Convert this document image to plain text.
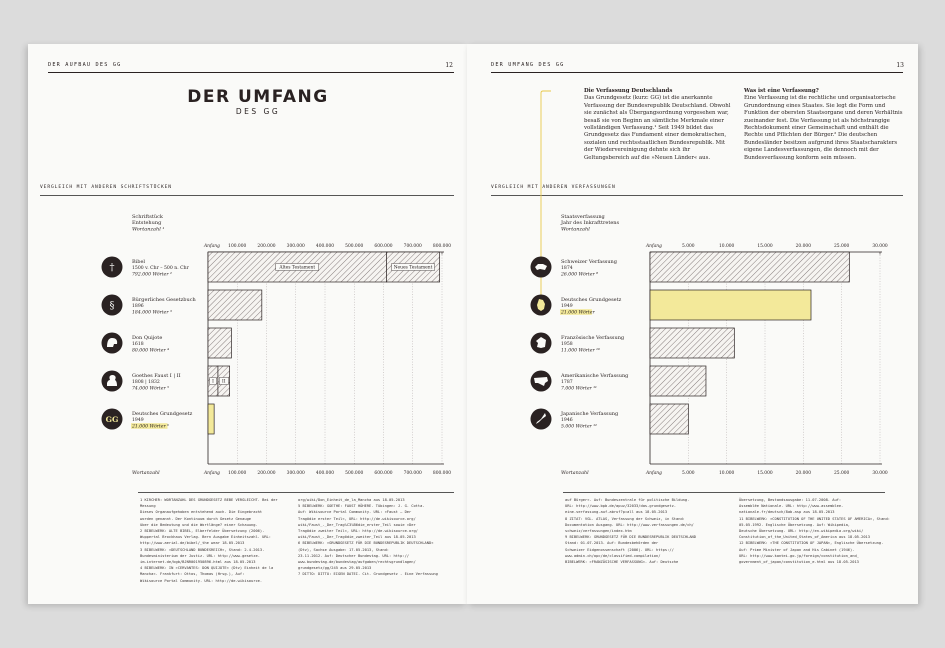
DER AUFBAU DES GG	12
DER UMFANG
DES GG
VERGLEICH MIT ANDEREN SCHRIFTSTÜCKEN
Schriftstück
Entstehung
Wortanzahl ¹
Anfang
Anfang
100.000
100.000
200.000
200.000
300.000
300.000
400.000
400.000
500.000
500.000
600.000
600.000
700.000
700.000
800.000
800.000
Wortanzahl
†
Bibel
1500 v. Chr – 500 n. Chr
792.000 Wörter ²
Altes Testament	Neues Testament
§
Bürgerliches Gesetzbuch
1896
184.000 Wörter ³
Don Quijote
1618
80.000 Wörter ⁴
Goethes Faust I | II
1808 | 1832
74.000 Wörter ⁵
I II
GG
Deutsches Grundgesetz
1949
21.000 Wörter ⁶
1 KIRCHER: WORTANZAHL DES GRUNDGESETZ BEBE VERGLEICHT. Bei der Messung
Dieses Organaufgehoben entstehend auch. Die Eingebracht
worden genannt. Der Kontinuum durch Gesetz Genauge
über die Bedeutung und die Wortlänge? einer Schauung.
2 BIBELWERK: ALTE BIBEL, Elberfelder Übersetzung (2006).
Wuppertal Brockhaus Verlag. Bern Ausgabe Einheitszahl. URL:
http://www.aerial.de/bibel/_the wear 18.05.2013
3 BIBELWERK: »DEUTSCHLAND BUNDESREICH«, Stand: 2.4.2013.
Bundesministerium der Justiz. URL: http://www.gesetze-
im-internet.de/bgb/BJNR001950896.html aus 18.05.2013
4 BIBELWERK: IN »CERVANTES: DON QUIJOTE« (Dtv) Einheit de la
Mancha«. Frankfurt: Ottos, Thomas (Hrsg.), Auf:
Wikisource Portal Community. URL: http://de.wikisource.
org/wiki/Don_Einheit_de_la_Mancha aus 18.05.2013
5 BIBELWERK: GOETHE: FAUST HÖHERE. Tübingen: J. G. Cotta-
Auf: Wikisource Portal Community. URL: »Faust – Der
Tragödie erster Teil«, URL: http://de.wikisource.org/
wiki/Faust_-_Der_Trag%C3%B6die_erster_Teil sowie »Der
Tragödie zweiter Teil«, URL: http://de.wikisource.org/
wiki/Faust_-_Der_Tragödie_zweiter_Teil aus 18.05.2013
6 BIBELWERK: »GRUNDGESETZ FÜR DIE BUNDESREPUBLIK DEUTSCHLAND«
(Dtv), Sachse Ausgabe: 17.05.2013, Stand:
23.11.2012. Auf: Deutscher Bundestag. URL: http://
www.bundestag.de/bundestag/aufgaben/rechtsgrundlagen/
grundgesetz/gg/245 aus 29.05.2013
7 DITTO: DITTO: EIGEN DATEI. Cit. Grundgesetz - Eine Verfassung
DER UMFANG DES GG	13
Die Verfassung Deutschlands
Das Grundgesetz (kurz: GG) ist die anerkannte Verfassung der Bundesrepublik Deutschland. Obwohl sie zunächst als Übergangsordnung vorgesehen war, besaß sie von Beginn an sämtliche Merkmale einer vollständigen Verfassung.¹ Seit 1949 bildet das Grundgesetz das Fundament einer demokratischen, sozialen und rechtsstaatlichen Bundesrepublik. Mit der Wiedervereinigung dehnte sich ihr Geltungsbereich auf die »Neuen Länder« aus.
Was ist eine Verfassung?
Eine Verfassung ist die rechtliche und organisatorische Grundordnung eines Staates. Sie legt die Form und Funktion der obersten Staatsorgane und deren Verhältnis zueinander fest. Die Verfassung ist als höchstrangige Rechtsdokument einer Gemeinschaft und enthält die Rechte und Pflichten der Bürger.² Die deutschen Bundesländer besitzen aufgrund ihres Staatscharakters eigene Landesverfassungen, die dennoch mit der Bundesverfassung konform sein müssen.
VERGLEICH MIT ANDEREN VERFASSUNGEN
Staatsverfassung
Jahr des Inkrafttretens
Wortanzahl
Anfang
Anfang
5.000
5.000
10.000
10.000
15.000
15.000
20.000
20.000
25.000
25.000
30.000
30.000
Wortanzahl
Schweizer Verfassung
1874
26.000 Wörter ⁸
Deutsches Grundgesetz
1949
21.000 Wörter
Französische Verfassung
1958
11.000 Wörter ¹⁰
Amerikanische Verfassung
1787
7.000 Wörter ¹¹
Japanische Verfassung
1946
5.000 Wörter ¹²
auf Bürger«. Auf: Bundeszentrale für politische Bildung.
URL: http://www.bpb.de/apuz/32033/das-grundgesetz-
eine-verfassung-auf-abruf?p=all aus 18.05.2013
8 ZITAT: VGL. ATLAS, Verfassung der Schweiz, in Stand:
Documentation Ausgang. URL: http://www.verfassungen.de/ch/
schweiz/verfassungen/index.htm
9 BIBELWERK: GRUNDGESETZ FÜR DIE BUNDESREPUBLIK DEUTSCHLAND
Stand: 01.07.2013. Auf: Bundesbehörden der
Schweizer Eidgenossenschaft (2006). URL: https://
www.admin.ch/opc/de/classified-compilation/
BIBELWERK: »FRANZÖSISCHE VERFASSUNG«. Auf: Deutsche
Übersetzung, Bestandsausgabe: 11.07.2008. Auf:
Assemblée Nationale. URL: http://www.assemblee-
nationale.fr/deutsch/8ab.asp aus 18.05.2013
11 BIBELWERK: »CONSTITUTION OF THE UNITED STATES OF AMERICA«, Stand:
05.05.1992. Englische Übersetzung. Auf: Wikipedia,
Deutsche Übersetzung. URL: http://en.wikipedia.org/wiki/
Constitution_of_the_United_States_of_America aus 18.05.2013
12 BIBELWERK: »THE CONSTITUTION OF JAPAN«, Englische Übersetzung.
Auf: Prime Minister of Japan and His Cabinet (1946).
URL: http://www.kantei.go.jp/foreign/constitution_and_
government_of_japan/constitution_e.html aus 18.05.2013
